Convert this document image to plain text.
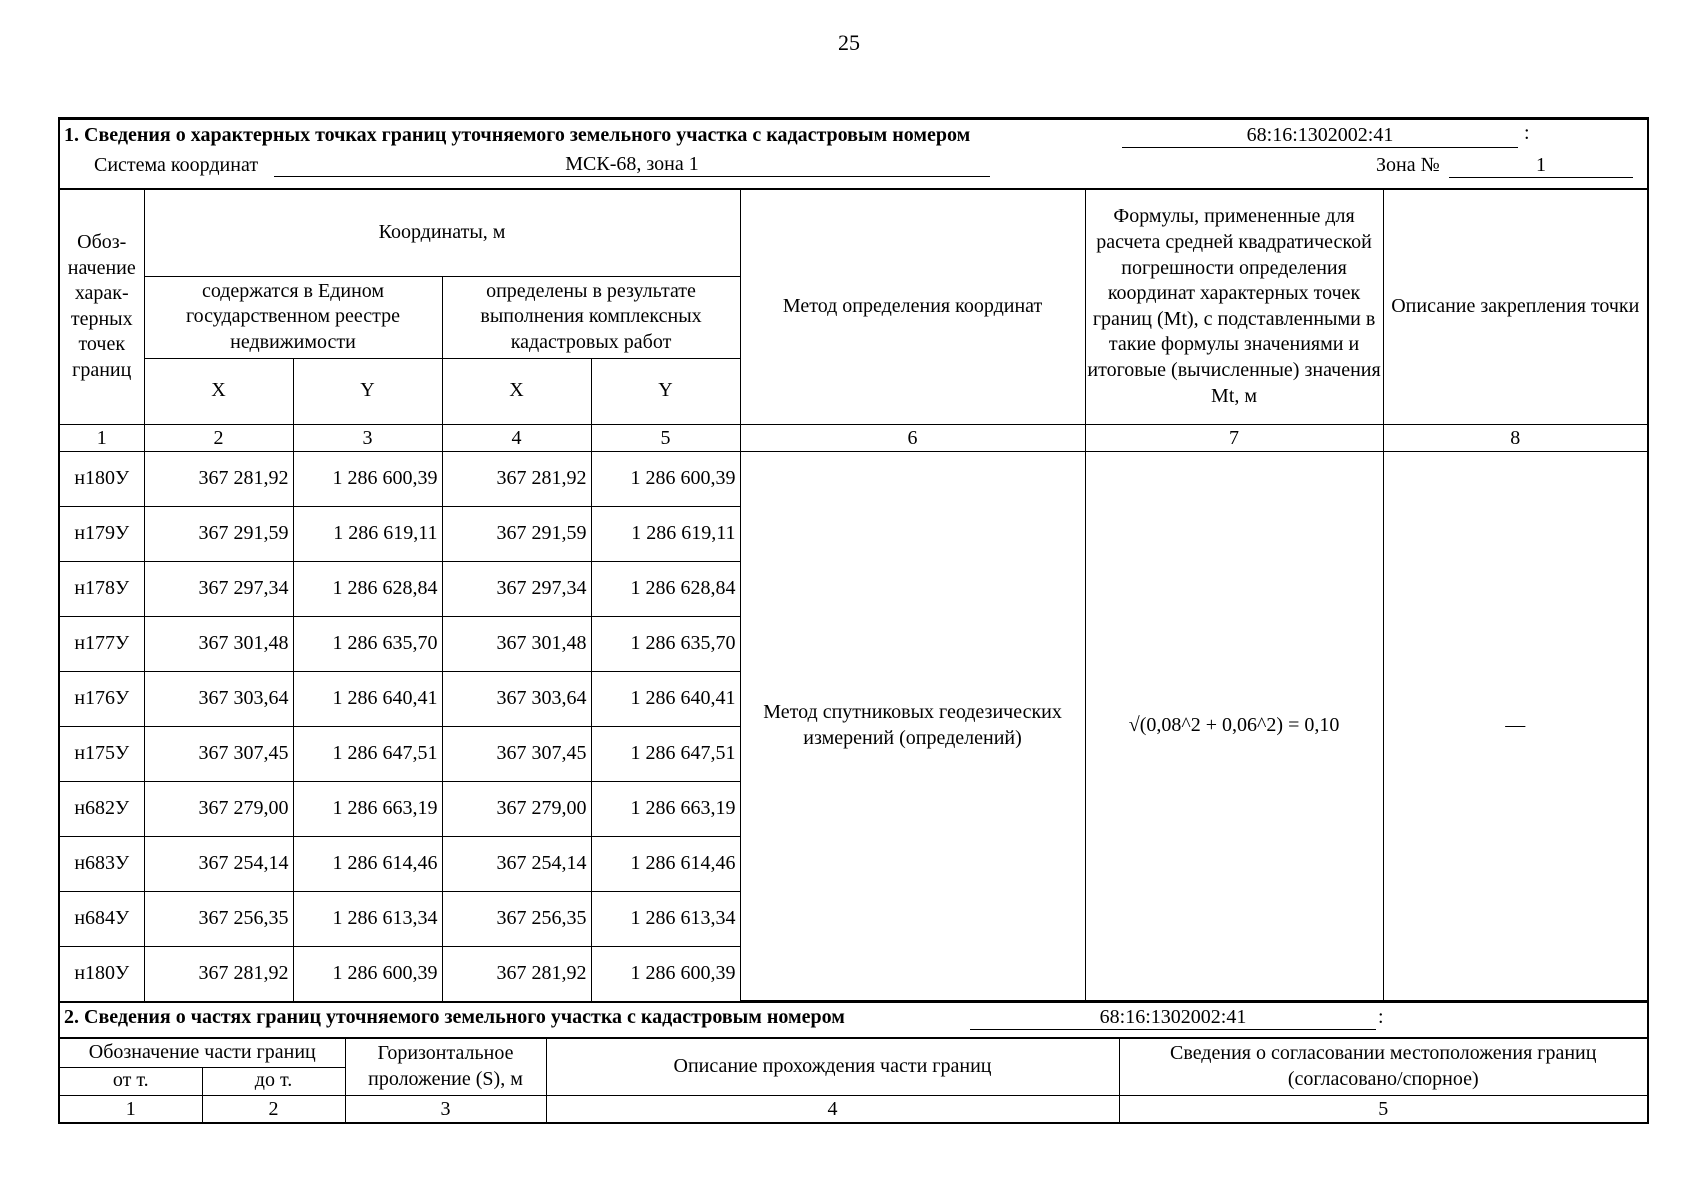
25
1. Сведения о характерных точках границ уточняемого земельного участка с кадастровым номером	68:16:1302002:41	:
Система координат	МСК-68, зона 1	Зона №	1
Обоз-начение харак-терных точек границ	Координаты, м				Метод определения координат	Формулы, примененные для расчета средней квадратической погрешности определения координат характерных точек границ (Mt), с подставленными в такие формулы значениями и итоговые (вычисленные) значения Mt, м	Описание закрепления точки
	содержатся в Едином государственном реестре недвижимости		определены в результате выполнения комплексных кадастровых работ				
	X	Y	X	Y			
1	2	3	4	5	6	7	8
н180У	367 281,92	1 286 600,39	367 281,92	1 286 600,39	Метод спутниковых геодезических измерений (определений)	√(0,08^2 + 0,06^2) = 0,10	—
н179У	367 291,59	1 286 619,11	367 291,59	1 286 619,11			
н178У	367 297,34	1 286 628,84	367 297,34	1 286 628,84			
н177У	367 301,48	1 286 635,70	367 301,48	1 286 635,70			
н176У	367 303,64	1 286 640,41	367 303,64	1 286 640,41			
н175У	367 307,45	1 286 647,51	367 307,45	1 286 647,51			
н682У	367 279,00	1 286 663,19	367 279,00	1 286 663,19			
н683У	367 254,14	1 286 614,46	367 254,14	1 286 614,46			
н684У	367 256,35	1 286 613,34	367 256,35	1 286 613,34			
н180У	367 281,92	1 286 600,39	367 281,92	1 286 600,39			
2. Сведения о частях границ уточняемого земельного участка с кадастровым номером	68:16:1302002:41	:
Обозначение части границ		Горизонтальное проложение (S), м	Описание прохождения части границ	Сведения о согласовании местоположения границ (согласовано/спорное)
от т.	до т.			
1	2	3	4	5
